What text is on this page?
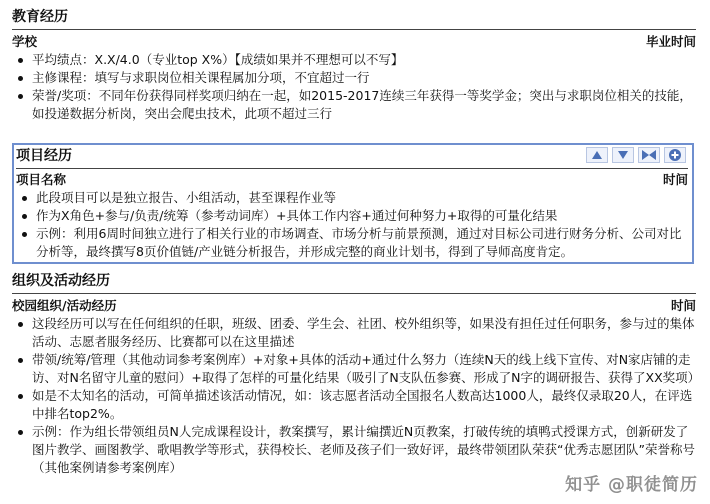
教育经历

学校	毕业时间
平均绩点：X.X/4.0（专业top X%）【成绩如果并不理想可以不写】
主修课程：填写与求职岗位相关课程属加分项，不宜超过一行
荣誉/奖项：不同年份获得同样奖项归纳在一起，如2015-2017连续三年获得一等奖学金；突出与求职岗位相关的技能，如投递数据分析岗，突出会爬虫技术，此项不超过三行

项目经历

项目名称	时间
此段项目可以是独立报告、小组活动，甚至课程作业等
作为X角色+参与/负责/统筹（参考动词库）+具体工作内容+通过何种努力+取得的可量化结果
示例：利用6周时间独立进行了相关行业的市场调查、市场分析与前景预测，通过对目标公司进行财务分析、公司对比分析等，最终撰写8页价值链/产业链分析报告，并形成完整的商业计划书，得到了导师高度肯定。

组织及活动经历

校园组织/活动经历	时间
这段经历可以写在任何组织的任职，班级、团委、学生会、社团、校外组织等，如果没有担任过任何职务，参与过的集体活动、志愿者服务经历、比赛都可以在这里描述
带领/统筹/管理（其他动词参考案例库）+对象+具体的活动+通过什么努力（连续N天的线上线下宣传、对N家店铺的走访、对N名留守儿童的慰问）+取得了怎样的可量化结果（吸引了N支队伍参赛、形成了N字的调研报告、获得了XX奖项）
如是不太知名的活动，可简单描述该活动情况，如：该志愿者活动全国报名人数高达1000人，最终仅录取20人，在评选中排名top2%。
示例：作为组长带领组员N人完成课程设计，教案撰写，累计编撰近N页教案，打破传统的填鸭式授课方式，创新研发了图片教学、画图教学、歌唱教学等形式，获得校长、老师及孩子们一致好评，最终带领团队荣获“优秀志愿团队”荣誉称号（其他案例请参考案例库）
知乎 @职徒简历
